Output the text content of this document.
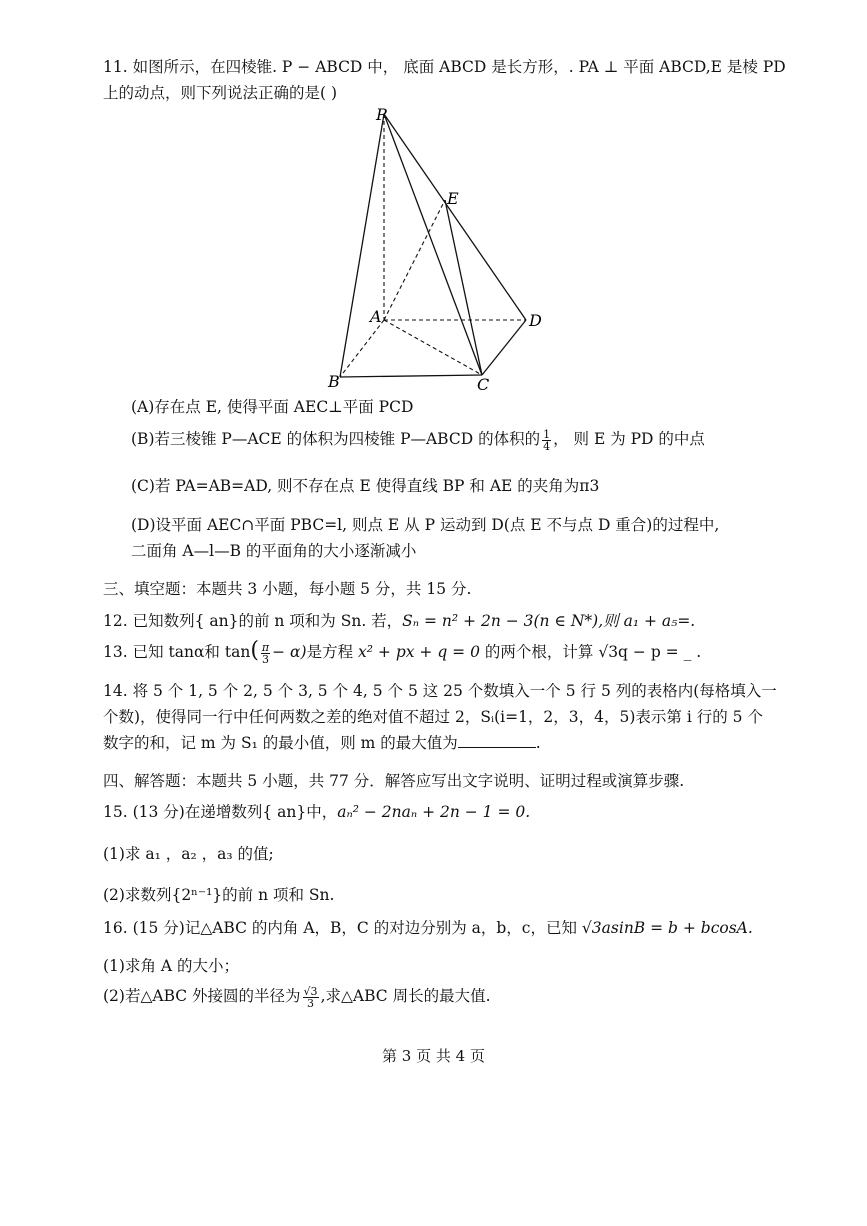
11. 如图所示，在四棱锥. P − ABCD 中， 底面 ABCD 是长方形，. PA ⊥ 平面 ABCD,E 是棱 PD
上的动点，则下列说法正确的是( )
P
E
A	D
B	C
(A)存在点 E, 使得平面 AEC⊥平面 PCD
(B)若三棱锥 P—ACE 的体积为四棱锥 P—ABCD 的体积的 $\frac{1}{4}$ ， 则 E 为 PD 的中点
(C)若 PA=AB=AD, 则不存在点 E 使得直线 BP 和 AE 的夹角为π3
(D)设平面 AEC∩平面 PBC=l, 则点 E 从 P 运动到 D(点 E 不与点 D 重合)的过程中,
二面角 A—l—B 的平面角的大小逐渐减小
三、填空题：本题共 3 小题，每小题 5 分，共 15 分.
12. 已知数列{ an}的前 n 项和为 Sn. 若，Sₙ = n² + 2n − 3(n ∈ N*),则 a₁ + a₅=.
13. 已知 tanα和 $\tan( \frac{\pi}{3} - \alpha)$是方程 x² + px + q = 0 的两个根，计算 √3q − p = _ .
14. 将 5 个 1, 5 个 2, 5 个 3, 5 个 4, 5 个 5 这 25 个数填入一个 5 行 5 列的表格内(每格填入一
个数)，使得同一行中任何两数之差的绝对值不超过 2，Sᵢ(i=1，2，3，4，5)表示第 i 行的 5 个
数字的和，记 m 为 S₁ 的最小值，则 m 的最大值为	.
四、解答题：本题共 5 小题，共 77 分．解答应写出文字说明、证明过程或演算步骤.
15. (13 分)在递增数列{ an}中，aₙ² − 2naₙ + 2n − 1 = 0.
(1)求 a₁ ，a₂ ，a₃ 的值;
(2)求数列{2ⁿ⁻¹}的前 n 项和 Sn.
16. (15 分)记△ABC 的内角 A，B，C 的对边分别为 a，b，c，已知 √3asinB = b + bcosA.
(1)求角 A 的大小；
(2)若△ABC 外接圆的半径为 $\frac{√3}{3}$ ,求△ABC 周长的最大值.
第 3 页 共 4 页
